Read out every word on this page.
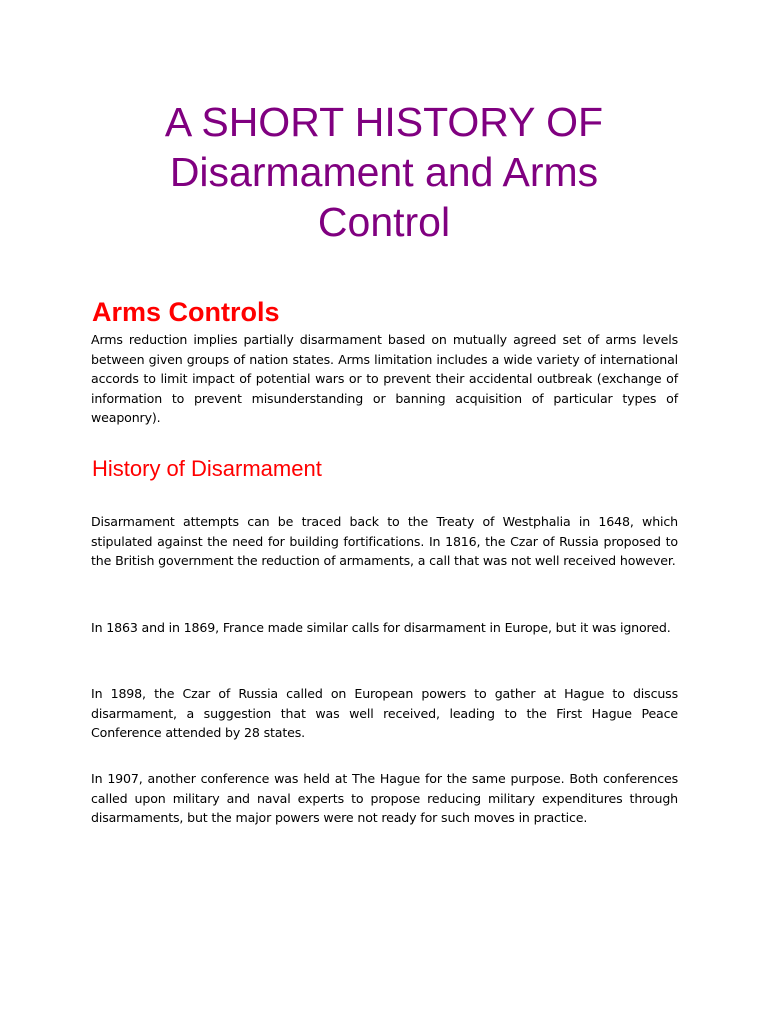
A SHORT HISTORY OF
Disarmament and Arms
Control
Arms Controls

Arms reduction implies partially disarmament based on mutually agreed set of arms levels between given groups of nation states. Arms limitation includes a wide variety of international accords to limit impact of potential wars or to prevent their accidental outbreak (exchange of information to prevent misunderstanding or banning acquisition of particular types of weaponry).

History of Disarmament

Disarmament attempts can be traced back to the Treaty of Westphalia in 1648, which stipulated against the need for building fortifications. In 1816, the Czar of Russia proposed to the British government the reduction of armaments, a call that was not well received however.

In 1863 and in 1869, France made similar calls for disarmament in Europe, but it was ignored.

In 1898, the Czar of Russia called on European powers to gather at Hague to discuss disarmament, a suggestion that was well received, leading to the First Hague Peace Conference attended by 28 states.

In 1907, another conference was held at The Hague for the same purpose. Both conferences called upon military and naval experts to propose reducing military expenditures through disarmaments, but the major powers were not ready for such moves in practice.
